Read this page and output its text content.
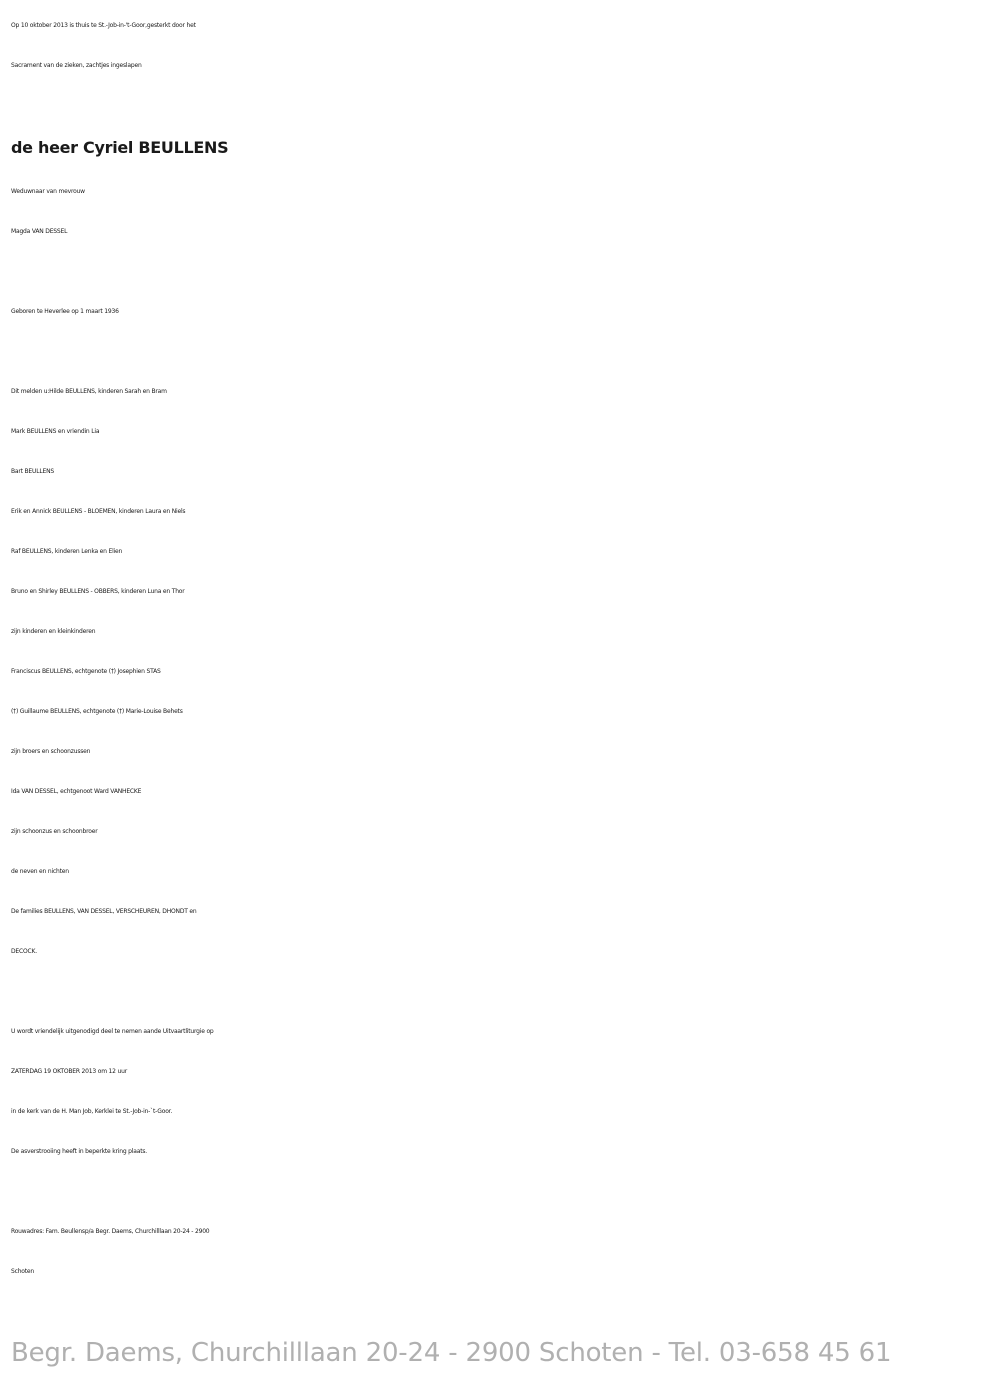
Op 10 oktober 2013 is thuis te St.-Job-in-'t-Goor,gesterkt door het
Sacrament van de zieken, zachtjes ingeslapen
de heer Cyriel BEULLENS
Weduwnaar van mevrouw
Magda VAN DESSEL
Geboren te Heverlee op 1 maart 1936
Dit melden u:Hilde BEULLENS, kinderen Sarah en Bram
Mark BEULLENS en vriendin Lia
Bart BEULLENS
Erik en Annick BEULLENS - BLOEMEN, kinderen Laura en Niels
Raf BEULLENS, kinderen Lenka en Elien
Bruno en Shirley BEULLENS - OBBERS, kinderen Luna en Thor
zijn kinderen en kleinkinderen
Franciscus BEULLENS, echtgenote (†) Josephien STAS
(†) Guillaume BEULLENS, echtgenote (†) Marie-Louise Behets
zijn broers en schoonzussen
Ida VAN DESSEL, echtgenoot Ward VANHECKE
zijn schoonzus en schoonbroer
de neven en nichten
De families BEULLENS, VAN DESSEL, VERSCHEUREN, DHONDT en
DECOCK.
U wordt vriendelijk uitgenodigd deel te nemen aande Uitvaartliturgie op
ZATERDAG 19 OKTOBER 2013 om 12 uur
in de kerk van de H. Man Job, Kerklei te St.-Job-in-`t-Goor.
De asverstrooiing heeft in beperkte kring plaats.
Rouwadres: Fam. Beullensp/a Begr. Daems, Churchilllaan 20-24 - 2900
Schoten
Begr. Daems, Churchilllaan 20-24 - 2900 Schoten - Tel. 03-658 45 61
